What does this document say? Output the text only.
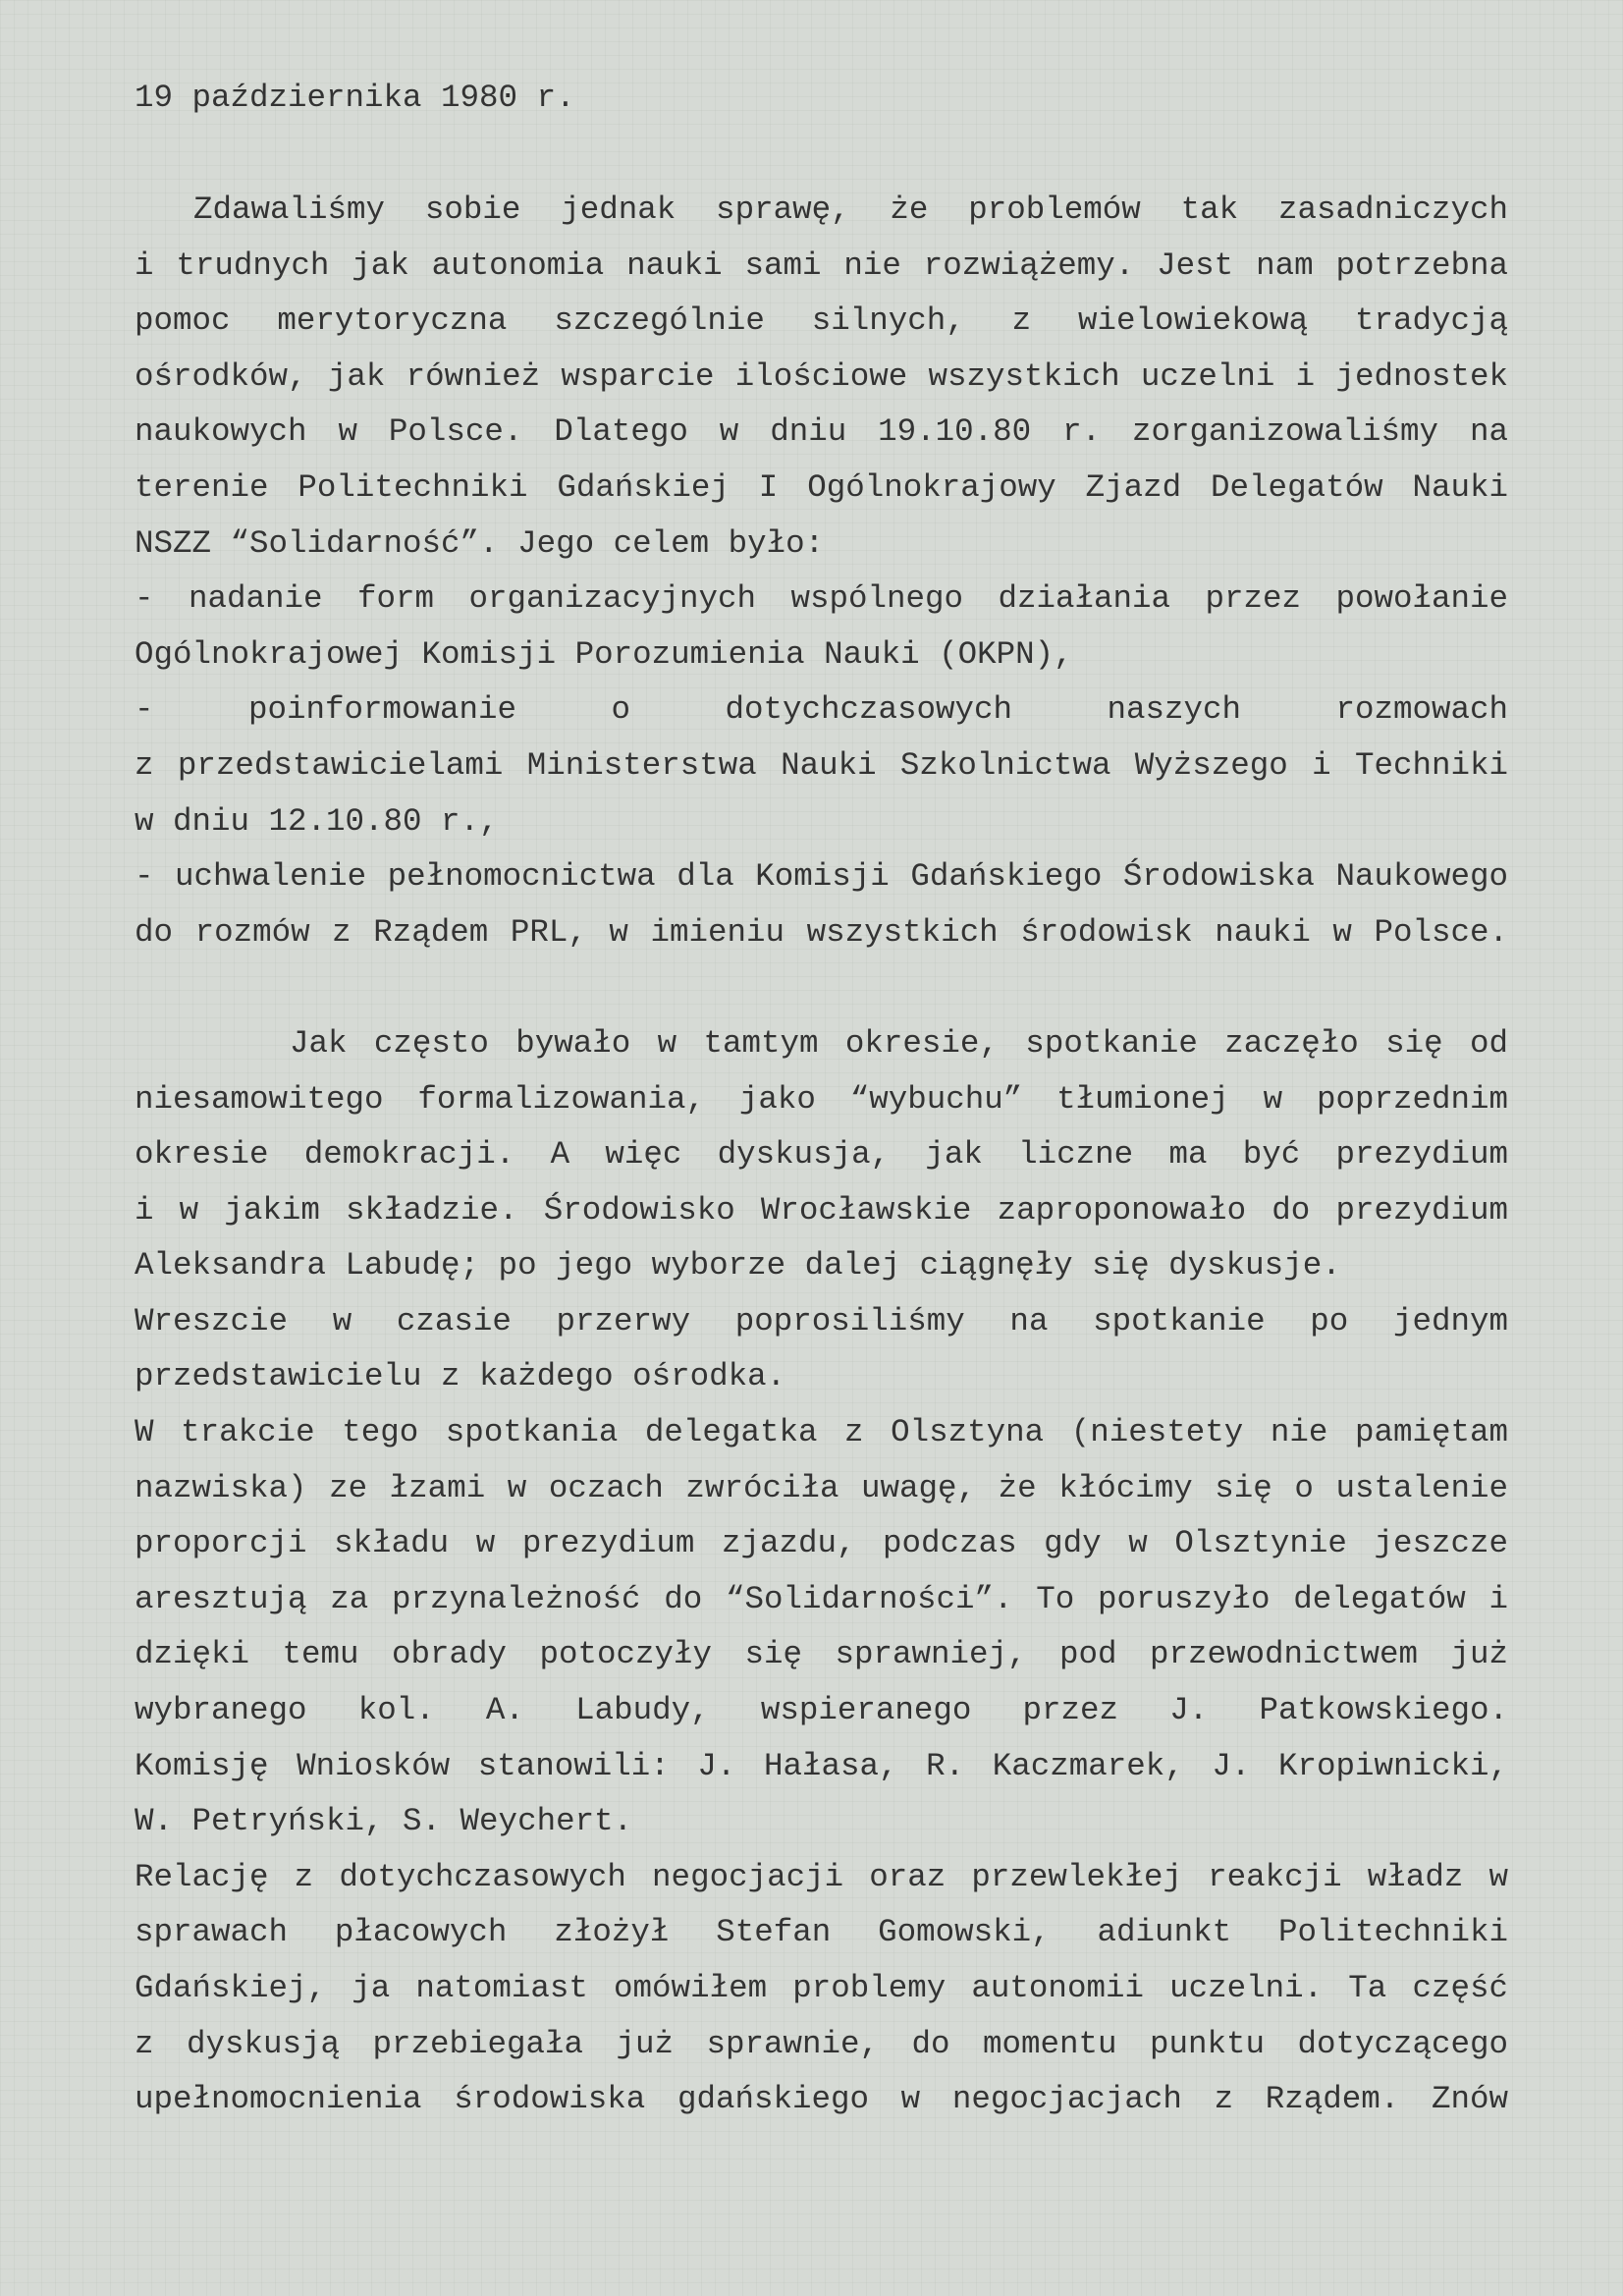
19 października 1980 r.
Zdawaliśmy sobie jednak sprawę, że problemów tak zasadniczych
i trudnych jak autonomia nauki sami nie rozwiążemy. Jest nam potrzebna
pomoc merytoryczna szczególnie silnych, z wielowiekową tradycją
ośrodków, jak również wsparcie ilościowe wszystkich uczelni i jednostek
naukowych w Polsce. Dlatego w dniu 19.10.80 r. zorganizowaliśmy na
terenie Politechniki Gdańskiej I Ogólnokrajowy Zjazd Delegatów Nauki
NSZZ “Solidarność”. Jego celem było:
- nadanie form organizacyjnych wspólnego działania przez powołanie
Ogólnokrajowej Komisji Porozumienia Nauki (OKPN),
- poinformowanie o dotychczasowych naszych rozmowach
z przedstawicielami Ministerstwa Nauki Szkolnictwa Wyższego i Techniki
w dniu 12.10.80 r.,
- uchwalenie pełnomocnictwa dla Komisji Gdańskiego Środowiska Naukowego
do rozmów z Rządem PRL, w imieniu wszystkich środowisk nauki w Polsce.
Jak często bywało w tamtym okresie, spotkanie zaczęło się od
niesamowitego formalizowania, jako “wybuchu” tłumionej w poprzednim
okresie demokracji. A więc dyskusja, jak liczne ma być prezydium
i w jakim składzie. Środowisko Wrocławskie zaproponowało do prezydium
Aleksandra Labudę; po jego wyborze dalej ciągnęły się dyskusje.
Wreszcie w czasie przerwy poprosiliśmy na spotkanie po jednym
przedstawicielu z każdego ośrodka.
W trakcie tego spotkania delegatka z Olsztyna (niestety nie pamiętam
nazwiska) ze łzami w oczach zwróciła uwagę, że kłócimy się o ustalenie
proporcji składu w prezydium zjazdu, podczas gdy w Olsztynie jeszcze
aresztują za przynależność do “Solidarności”. To poruszyło delegatów i
dzięki temu obrady potoczyły się sprawniej, pod przewodnictwem już
wybranego kol. A. Labudy, wspieranego przez J. Patkowskiego.
Komisję Wniosków stanowili: J. Hałasa, R. Kaczmarek, J. Kropiwnicki,
W. Petryński, S. Weychert.
Relację z dotychczasowych negocjacji oraz przewlekłej reakcji władz w
sprawach płacowych złożył Stefan Gomowski, adiunkt Politechniki
Gdańskiej, ja natomiast omówiłem problemy autonomii uczelni. Ta część
z dyskusją przebiegała już sprawnie, do momentu punktu dotyczącego
upełnomocnienia środowiska gdańskiego w negocjacjach z Rządem. Znów
